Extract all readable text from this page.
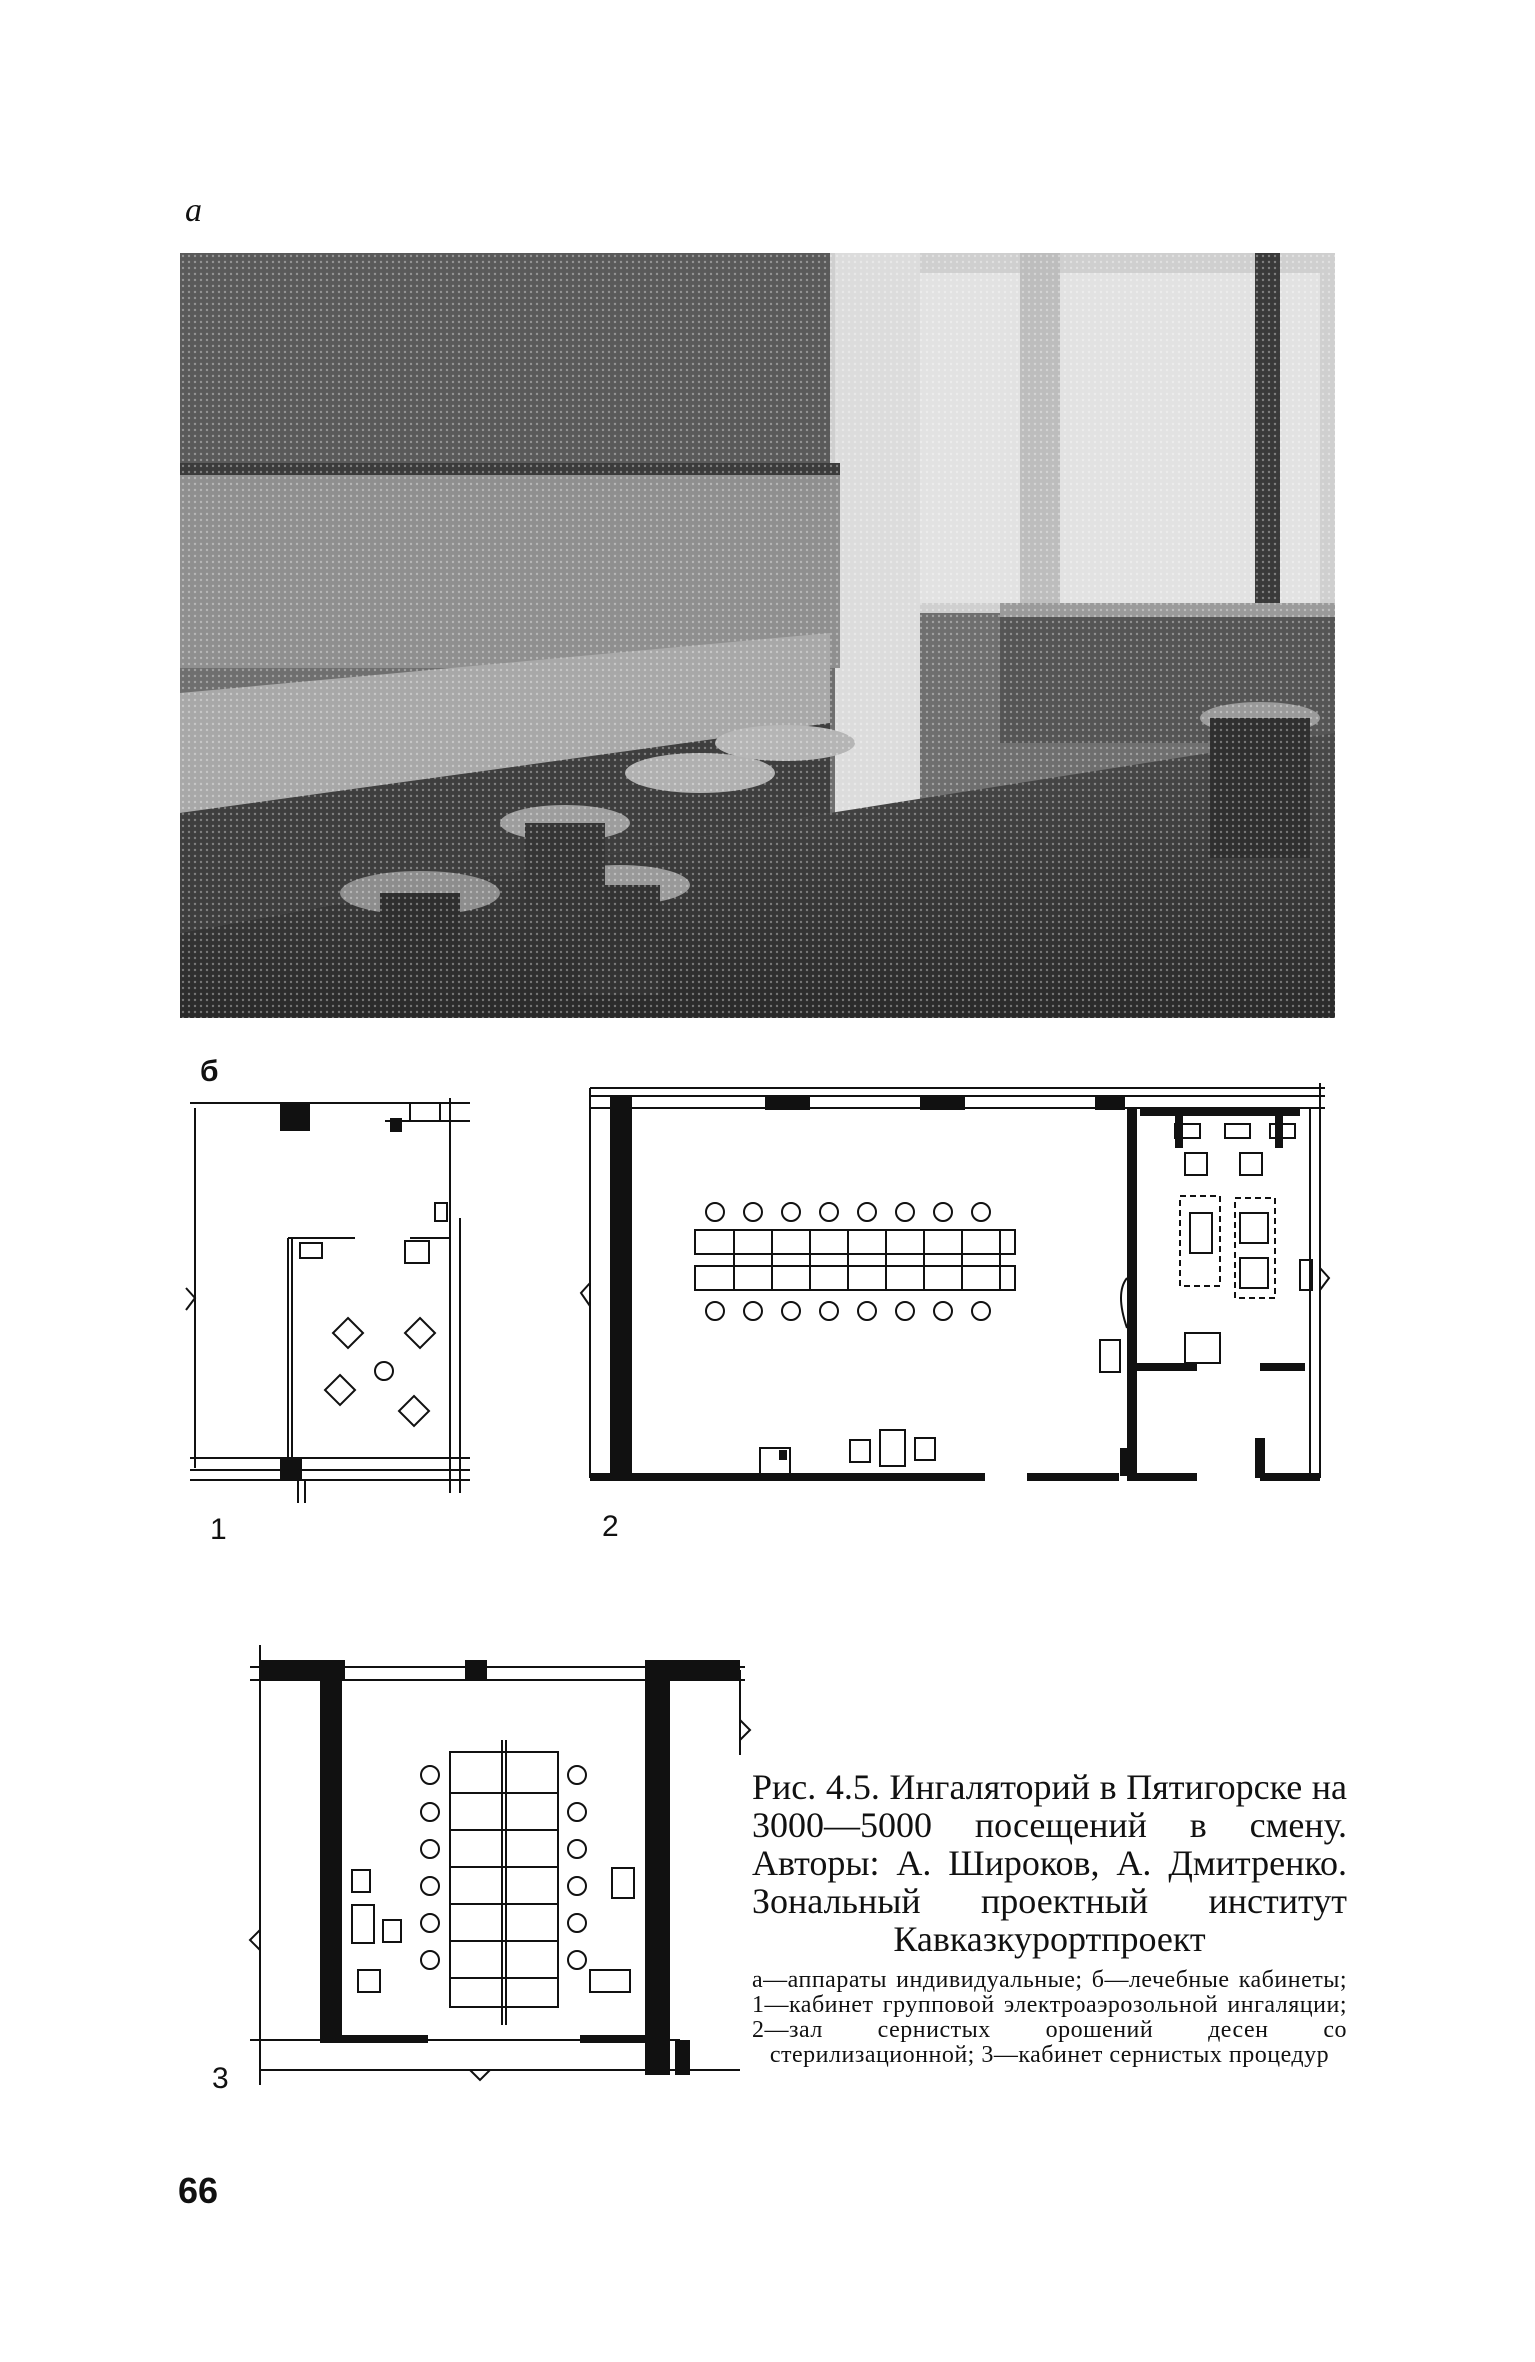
а
б
1	2
3

Рис. 4.5. Ингаляторий в Пятигорске на 3000—5000 посещений в смену. Авторы: А. Широков, А. Дмитренко. Зональный проектный институт Кавказкурортпроект

а—аппараты индивидуальные; б—лечебные кабинеты; 1—кабинет групповой электроаэрозольной ингаляции; 2—зал сернистых орошений десен со стерилизационной; 3—кабинет сернистых процедур

66
